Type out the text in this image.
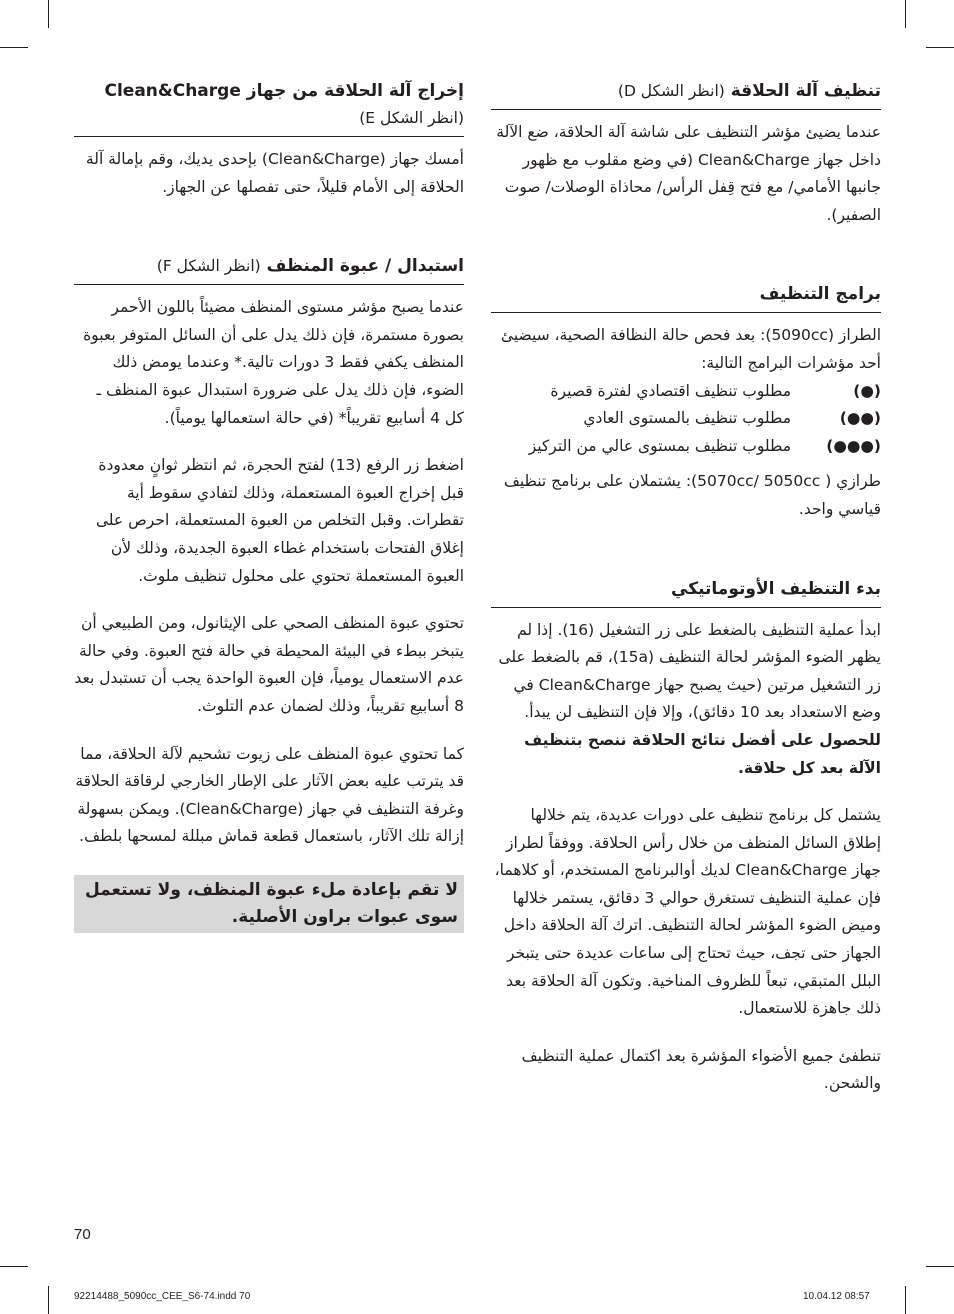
تنظيف آلة الحلاقة (انظر الشكل D)

عندما يضيئ مؤشر التنظيف على شاشة آلة الحلاقة، ضع الآلة داخل جهاز Clean&Charge (في وضع مقلوب مع ظهور جانبها الأمامي/ مع فتح قِفل الرأس/ محاذاة الوصلات/ صوت الصفير).

برامج التنظيف

الطراز (5090cc): بعد فحص حالة النظافة الصحية، سيضيئ أحد مؤشرات البرامج التالية:

(●)
مطلوب تنظيف اقتصادي لفترة قصيرة
(●●)
مطلوب تنظيف بالمستوى العادي
(●●●)
مطلوب تنظيف بمستوى عالي من التركيز

طرازي ( 5070cc/ 5050cc): يشتملان على برنامج تنظيف قياسي واحد.

بدء التنظيف الأوتوماتيكي

ابدأ عملية التنظيف بالضغط على زر التشغيل (16). إذا لم يظهر الضوء المؤشر لحالة التنظيف (15a)، قم بالضغط على زر التشغيل مرتين (حيث يصبح جهاز Clean&Charge في وضع الاستعداد بعد 10 دقائق)، وإلا فإن التنظيف لن يبدأ.

للحصول على أفضل نتائج الحلاقة ننصح بتنظيف الآلة بعد كل حلاقة.

يشتمل كل برنامج تنظيف على دورات عديدة، يتم خلالها إطلاق السائل المنظف من خلال رأس الحلاقة. ووفقاً لطراز جهاز Clean&Charge لديك أوالبرنامج المستخدم، أو كلاهما، فإن عملية التنظيف تستغرق حوالي 3 دقائق، يستمر خلالها وميض الضوء المؤشر لحالة التنظيف. اترك آلة الحلاقة داخل الجهاز حتى تجف، حيث تحتاج إلى ساعات عديدة حتى يتبخر البلل المتبقي، تبعاً للظروف المناخية. وتكون آلة الحلاقة بعد ذلك جاهزة للاستعمال.

تنطفئ جميع الأضواء المؤشرة بعد اكتمال عملية التنظيف والشحن.

إخراج آلة الحلاقة من جهاز Clean&Charge
(انظر الشكل E)

أمسك جهاز (Clean&Charge) بإحدى يديك، وقم بإمالة آلة الحلاقة إلى الأمام قليلاً، حتى تفصلها عن الجهاز.

استبدال / عبوة المنظف (انظر الشكل F)

عندما يصبح مؤشر مستوى المنظف مضيئاً باللون الأحمر بصورة مستمرة، فإن ذلك يدل على أن السائل المتوفر بعبوة المنظف يكفي فقط 3 دورات تالية.* وعندما يومض ذلك الضوء، فإن ذلك يدل على ضرورة استبدال عبوة المنظف ـ كل 4 أسابيع تقريباً* (في حالة استعمالها يومياً).

اضغط زر الرفع (13) لفتح الحجرة، ثم انتظر ثوانٍ معدودة قبل إخراج العبوة المستعملة، وذلك لتفادي سقوط أية تقطرات. وقبل التخلص من العبوة المستعملة، احرص على إغلاق الفتحات باستخدام غطاء العبوة الجديدة، وذلك لأن العبوة المستعملة تحتوي على محلول تنظيف ملوث.

تحتوي عبوة المنظف الصحي على الإيثانول، ومن الطبيعي أن يتبخر ببطء في البيئة المحيطة في حالة فتح العبوة. وفي حالة عدم الاستعمال يومياً، فإن العبوة الواحدة يجب أن تستبدل بعد 8 أسابيع تقريباً، وذلك لضمان عدم التلوث.

كما تحتوي عبوة المنظف على زيوت تشحيم لآلة الحلاقة، مما قد يترتب عليه بعض الآثار على الإطار الخارجي لرقاقة الحلاقة وغرفة التنظيف في جهاز (Clean&Charge). ويمكن بسهولة إزالة تلك الآثار، باستعمال قطعة قماش مبللة لمسحها بلطف.

لا تقم بإعادة ملء عبوة المنظف، ولا تستعمل سوى عبوات براون الأصلية.
70
92214488_5090cc_CEE_S6-74.indd 70	10.04.12 08:57
